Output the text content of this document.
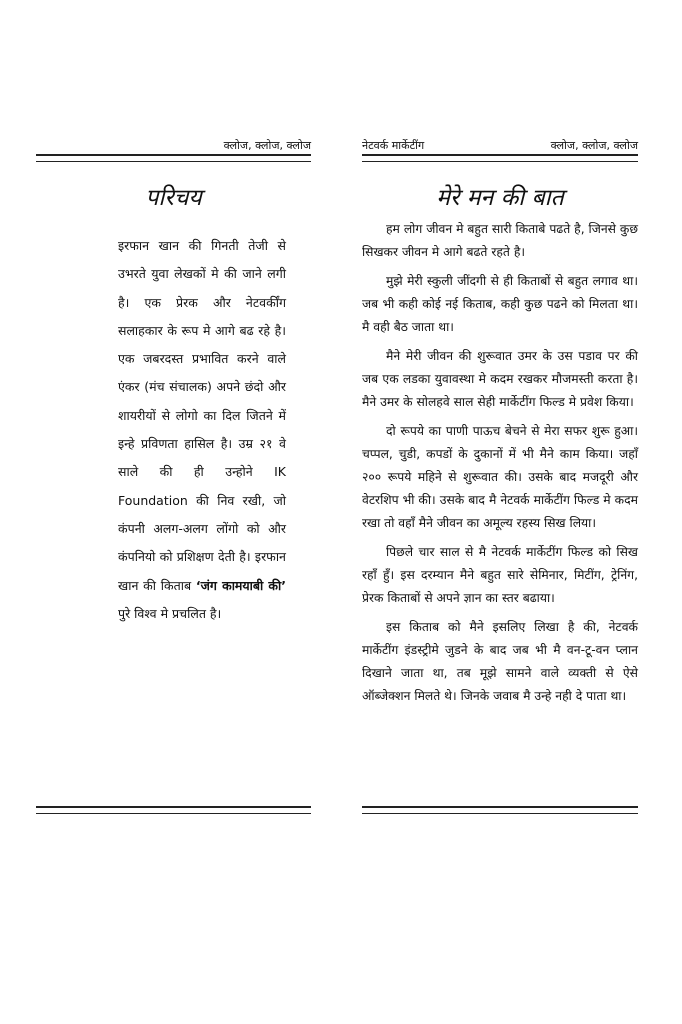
क्लोज, क्लोज, क्लोज
परिचय
इरफान खान की गिनती तेजी से उभरते युवा लेखकों मे की जाने लगी है। एक प्रेरक और नेटवर्कींग सलाहकार के रूप मे आगे बढ रहे है। एक जबरदस्त प्रभावित करने वाले एंकर (मंच संचालक) अपने छंदो और शायरीयों से लोगो का दिल जितने में इन्हे प्रविणता हासिल है। उम्र २१ वे साले की ही उन्होने IK Foundation की निव रखी, जो कंपनी अलग-अलग लोंगो को और कंपनियो को प्रशिक्षण देती है। इरफान खान की किताब ‘जंग कामयाबी की’ पुरे विश्व मे प्रचलित है।
नेटवर्क मार्केटींग	क्लोज, क्लोज, क्लोज
मेरे मन की बात

हम लोग जीवन मे बहुत सारी किताबे पढते है, जिनसे कुछ सिखकर जीवन मे आगे बढते रहते है।

मुझे मेरी स्कुली जींदगी से ही किताबों से बहुत लगाव था। जब भी कही कोई नई किताब, कही कुछ पढने को मिलता था। मै वही बैठ जाता था।

मैने मेरी जीवन की शुरूवात उमर के उस पडाव पर की जब एक लडका युवावस्था मे कदम रखकर मौजमस्ती करता है। मैने उमर के सोलहवे साल सेही मार्केटींग फिल्ड मे प्रवेश किया।

दो रूपये का पाणी पाऊच बेचने से मेरा सफर शुरू हुआ। चप्पल, चुडी, कपडों के दुकानों में भी मैने काम किया। जहाँ २०० रूपये महिने से शुरूवात की। उसके बाद मजदूरी और वेटरशिप भी की। उसके बाद मै नेटवर्क मार्केटींग फिल्ड मे कदम रखा तो वहाँ मैने जीवन का अमूल्य रहस्य सिख लिया।

पिछले चार साल से मै नेटवर्क मार्केटींग फिल्ड को सिख रहाँ हुँ। इस दरम्यान मैने बहुत सारे सेमिनार, मिटींग, ट्रेनिंग, प्रेरक किताबों से अपने ज्ञान का स्तर बढाया।

इस किताब को मैने इसलिए लिखा है की, नेटवर्क मार्केटींग इंडस्ट्रीमे जुडने के बाद जब भी मै वन-टू-वन प्लान दिखाने जाता था, तब मूझे सामने वाले व्यक्ती से ऐसे ऑब्जेक्शन मिलते थे। जिनके जवाब मै उन्हे नही दे पाता था।
